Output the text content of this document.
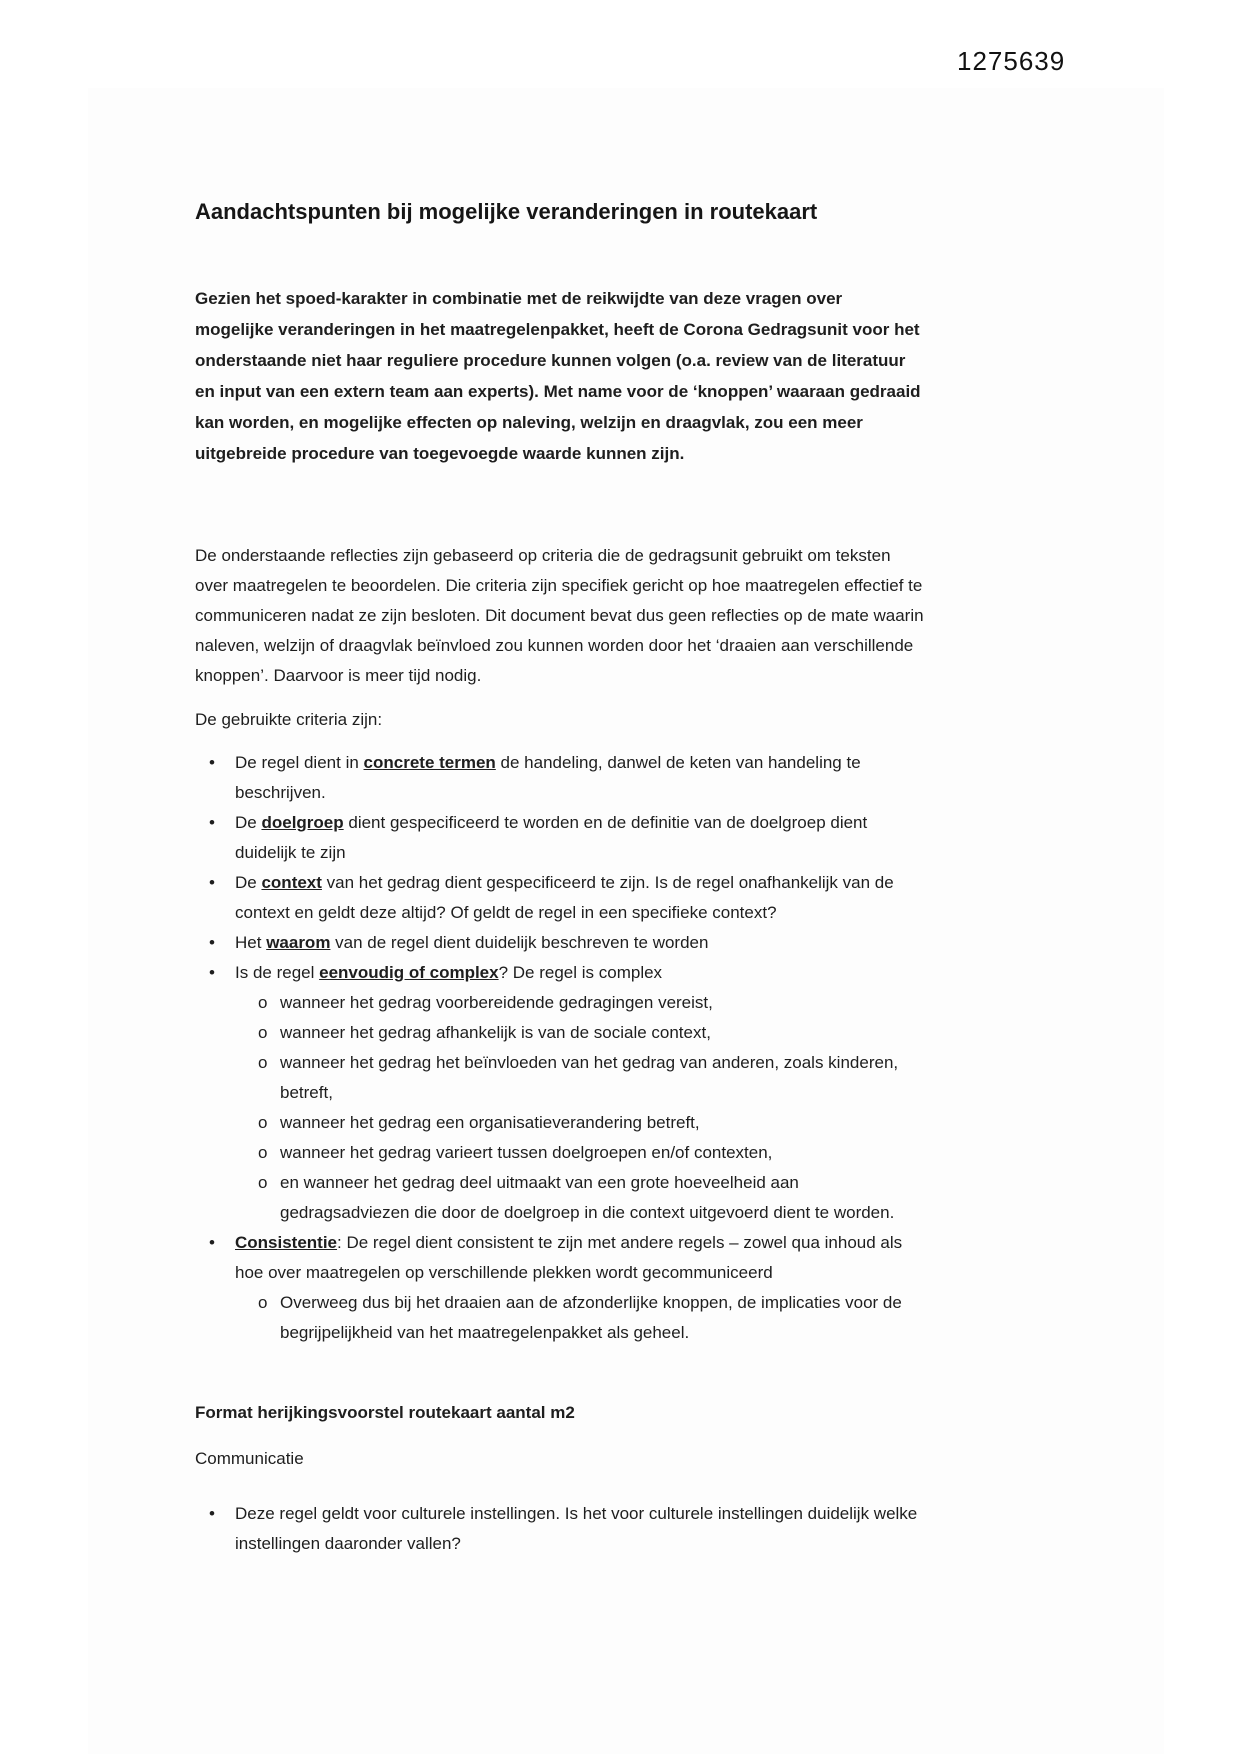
1275639
Aandachtspunten bij mogelijke veranderingen in routekaart

Gezien het spoed-karakter in combinatie met de reikwijdte van deze vragen over mogelijke veranderingen in het maatregelenpakket, heeft de Corona Gedragsunit voor het onderstaande niet haar reguliere procedure kunnen volgen (o.a. review van de literatuur en input van een extern team aan experts). Met name voor de ‘knoppen’ waaraan gedraaid kan worden, en mogelijke effecten op naleving, welzijn en draagvlak, zou een meer uitgebreide procedure van toegevoegde waarde kunnen zijn.

De onderstaande reflecties zijn gebaseerd op criteria die de gedragsunit gebruikt om teksten over maatregelen te beoordelen. Die criteria zijn specifiek gericht op hoe maatregelen effectief te communiceren nadat ze zijn besloten. Dit document bevat dus geen reflecties op de mate waarin naleven, welzijn of draagvlak beïnvloed zou kunnen worden door het ‘draaien aan verschillende knoppen’. Daarvoor is meer tijd nodig.

De gebruikte criteria zijn:

• De regel dient in concrete termen de handeling, danwel de keten van handeling te beschrijven.
• De doelgroep dient gespecificeerd te worden en de definitie van de doelgroep dient duidelijk te zijn
• De context van het gedrag dient gespecificeerd te zijn. Is de regel onafhankelijk van de context en geldt deze altijd? Of geldt de regel in een specifieke context?
• Het waarom van de regel dient duidelijk beschreven te worden
• Is de regel eenvoudig of complex? De regel is complex
o wanneer het gedrag voorbereidende gedragingen vereist,
o wanneer het gedrag afhankelijk is van de sociale context,
o wanneer het gedrag het beïnvloeden van het gedrag van anderen, zoals kinderen, betreft,
o wanneer het gedrag een organisatieverandering betreft,
o wanneer het gedrag varieert tussen doelgroepen en/of contexten,
o en wanneer het gedrag deel uitmaakt van een grote hoeveelheid aan gedragsadviezen die door de doelgroep in die context uitgevoerd dient te worden.
• Consistentie: De regel dient consistent te zijn met andere regels – zowel qua inhoud als hoe over maatregelen op verschillende plekken wordt gecommuniceerd
o Overweeg dus bij het draaien aan de afzonderlijke knoppen, de implicaties voor de begrijpelijkheid van het maatregelenpakket als geheel.
Format herijkingsvoorstel routekaart aantal m2

Communicatie

• Deze regel geldt voor culturele instellingen. Is het voor culturele instellingen duidelijk welke instellingen daaronder vallen?
